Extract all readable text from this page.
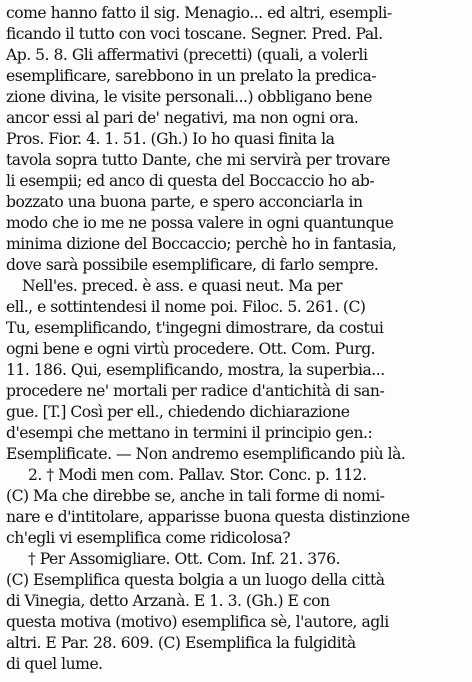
come hanno fatto il sig. Menagio... ed altri, esempli-
ficando il tutto con voci toscane. Segner. Pred. Pal.
Ap. 5. 8. Gli affermativi (precetti) (quali, a volerli
esemplificare, sarebbono in un prelato la predica-
zione divina, le visite personali...) obbligano bene
ancor essi al pari de' negativi, ma non ogni ora.
Pros. Fior. 4. 1. 51. (Gh.) Io ho quasi finita la
tavola sopra tutto Dante, che mi servirà per trovare
li esempii; ed anco di questa del Boccaccio ho ab-
bozzato una buona parte, e spero acconciarla in
modo che io me ne possa valere in ogni quantunque
minima dizione del Boccaccio; perchè ho in fantasia,
dove sarà possibile esemplificare, di farlo sempre.
Nell'es. preced. è ass. e quasi neut. Ma per
ell., e sottintendesi il nome poi. Filoc. 5. 261. (C)
Tu, esemplificando, t'ingegni dimostrare, da costui
ogni bene e ogni virtù procedere. Ott. Com. Purg.
11. 186. Qui, esemplificando, mostra, la superbia...
procedere ne' mortali per radice d'antichità di san-
gue. [T.] Così per ell., chiedendo dichiarazione
d'esempi che mettano in termini il principio gen.:
Esemplificate. — Non andremo esemplificando più là.
2. † Modi men com. Pallav. Stor. Conc. p. 112.
(C) Ma che direbbe se, anche in tali forme di nomi-
nare e d'intitolare, apparisse buona questa distinzione
ch'egli vi esemplifica come ridicolosa?
† Per Assomigliare. Ott. Com. Inf. 21. 376.
(C) Esemplifica questa bolgia a un luogo della città
di Vinegia, detto Arzanà. E 1. 3. (Gh.) E con
questa motiva (motivo) esemplifica sè, l'autore, agli
altri. E Par. 28. 609. (C) Esemplifica la fulgidità
di quel lume.
